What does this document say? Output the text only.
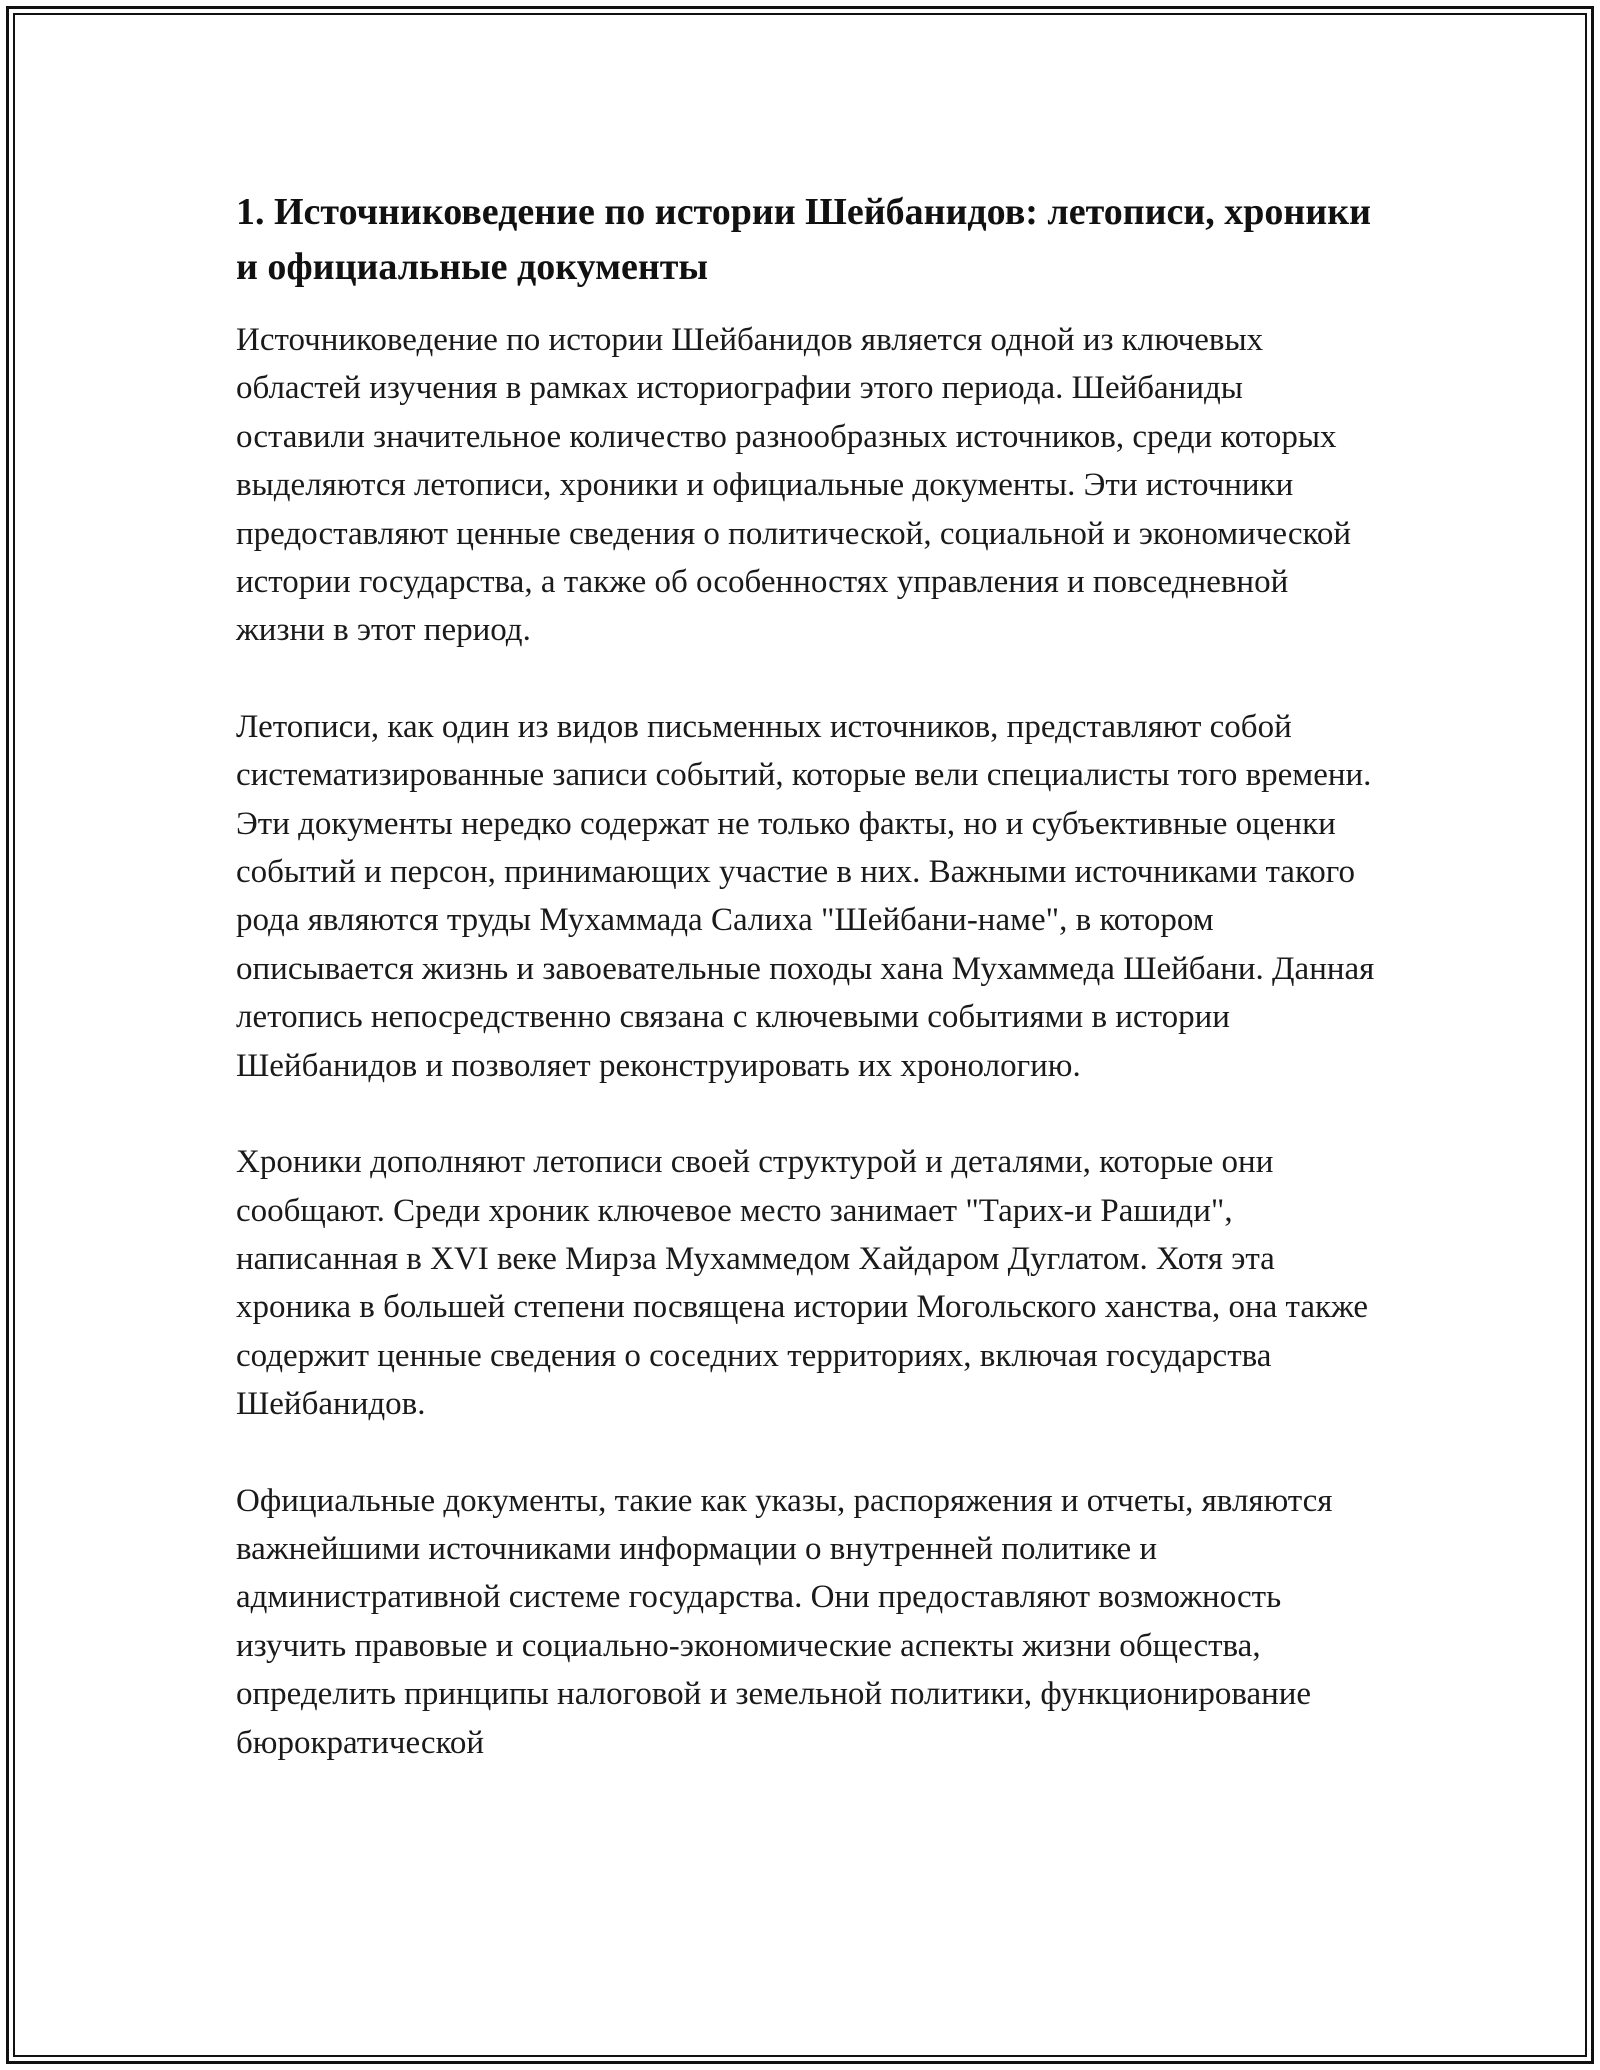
1. Источниковедение по истории Шейбанидов: летописи, хроники и официальные документы

Источниковедение по истории Шейбанидов является одной из ключевых областей изучения в рамках историографии этого периода. Шейбаниды оставили значительное количество разнообразных источников, среди которых выделяются летописи, хроники и официальные документы. Эти источники предоставляют ценные сведения о политической, социальной и экономической истории государства, а также об особенностях управления и повседневной жизни в этот период.

Летописи, как один из видов письменных источников, представляют собой систематизированные записи событий, которые вели специалисты того времени. Эти документы нередко содержат не только факты, но и субъективные оценки событий и персон, принимающих участие в них. Важными источниками такого рода являются труды Мухаммада Салиха "Шейбани-наме", в котором описывается жизнь и завоевательные походы хана Мухаммеда Шейбани. Данная летопись непосредственно связана с ключевыми событиями в истории Шейбанидов и позволяет реконструировать их хронологию.

Хроники дополняют летописи своей структурой и деталями, которые они сообщают. Среди хроник ключевое место занимает "Тарих-и Рашиди", написанная в XVI веке Мирза Мухаммедом Хайдаром Дуглатом. Хотя эта хроника в большей степени посвящена истории Могольского ханства, она также содержит ценные сведения о соседних территориях, включая государства Шейбанидов.

Официальные документы, такие как указы, распоряжения и отчеты, являются важнейшими источниками информации о внутренней политике и административной системе государства. Они предоставляют возможность изучить правовые и социально-экономические аспекты жизни общества, определить принципы налоговой и земельной политики, функционирование бюрократической
